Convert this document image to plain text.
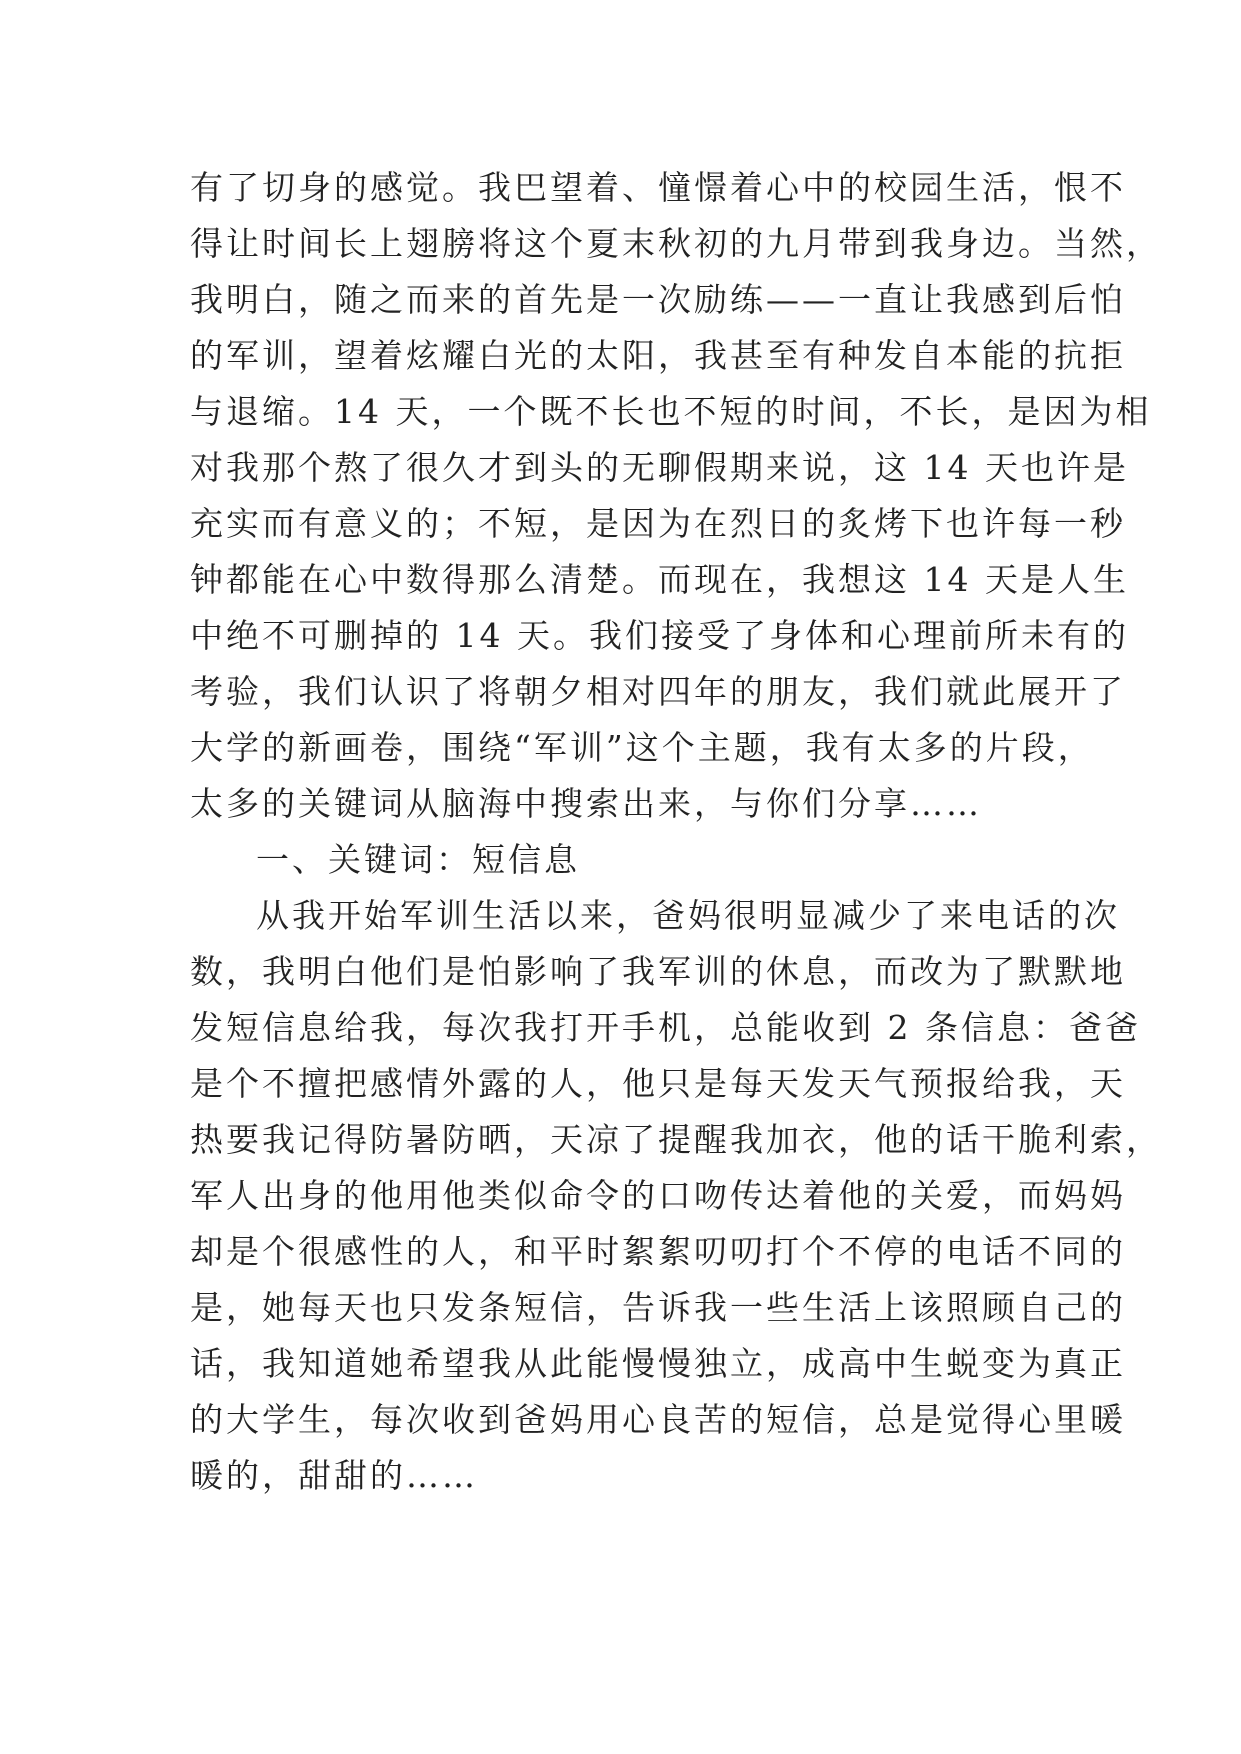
有了切身的感觉。我巴望着、憧憬着心中的校园生活，恨不
得让时间长上翅膀将这个夏末秋初的九月带到我身边。当然，
我明白，随之而来的首先是一次励练——一直让我感到后怕
的军训，望着炫耀白光的太阳，我甚至有种发自本能的抗拒
与退缩。14 天，一个既不长也不短的时间，不长，是因为相
对我那个熬了很久才到头的无聊假期来说，这 14 天也许是
充实而有意义的；不短，是因为在烈日的炙烤下也许每一秒
钟都能在心中数得那么清楚。而现在，我想这 14 天是人生
中绝不可删掉的 14 天。我们接受了身体和心理前所未有的
考验，我们认识了将朝夕相对四年的朋友，我们就此展开了
大学的新画卷，围绕“军训”这个主题，我有太多的片段，
太多的关键词从脑海中搜索出来，与你们分享……
一、关键词：短信息
从我开始军训生活以来，爸妈很明显减少了来电话的次
数，我明白他们是怕影响了我军训的休息，而改为了默默地
发短信息给我，每次我打开手机，总能收到 2 条信息：爸爸
是个不擅把感情外露的人，他只是每天发天气预报给我，天
热要我记得防暑防晒，天凉了提醒我加衣，他的话干脆利索，
军人出身的他用他类似命令的口吻传达着他的关爱，而妈妈
却是个很感性的人，和平时絮絮叨叨打个不停的电话不同的
是，她每天也只发条短信，告诉我一些生活上该照顾自己的
话，我知道她希望我从此能慢慢独立，成高中生蜕变为真正
的大学生，每次收到爸妈用心良苦的短信，总是觉得心里暖
暖的，甜甜的……
